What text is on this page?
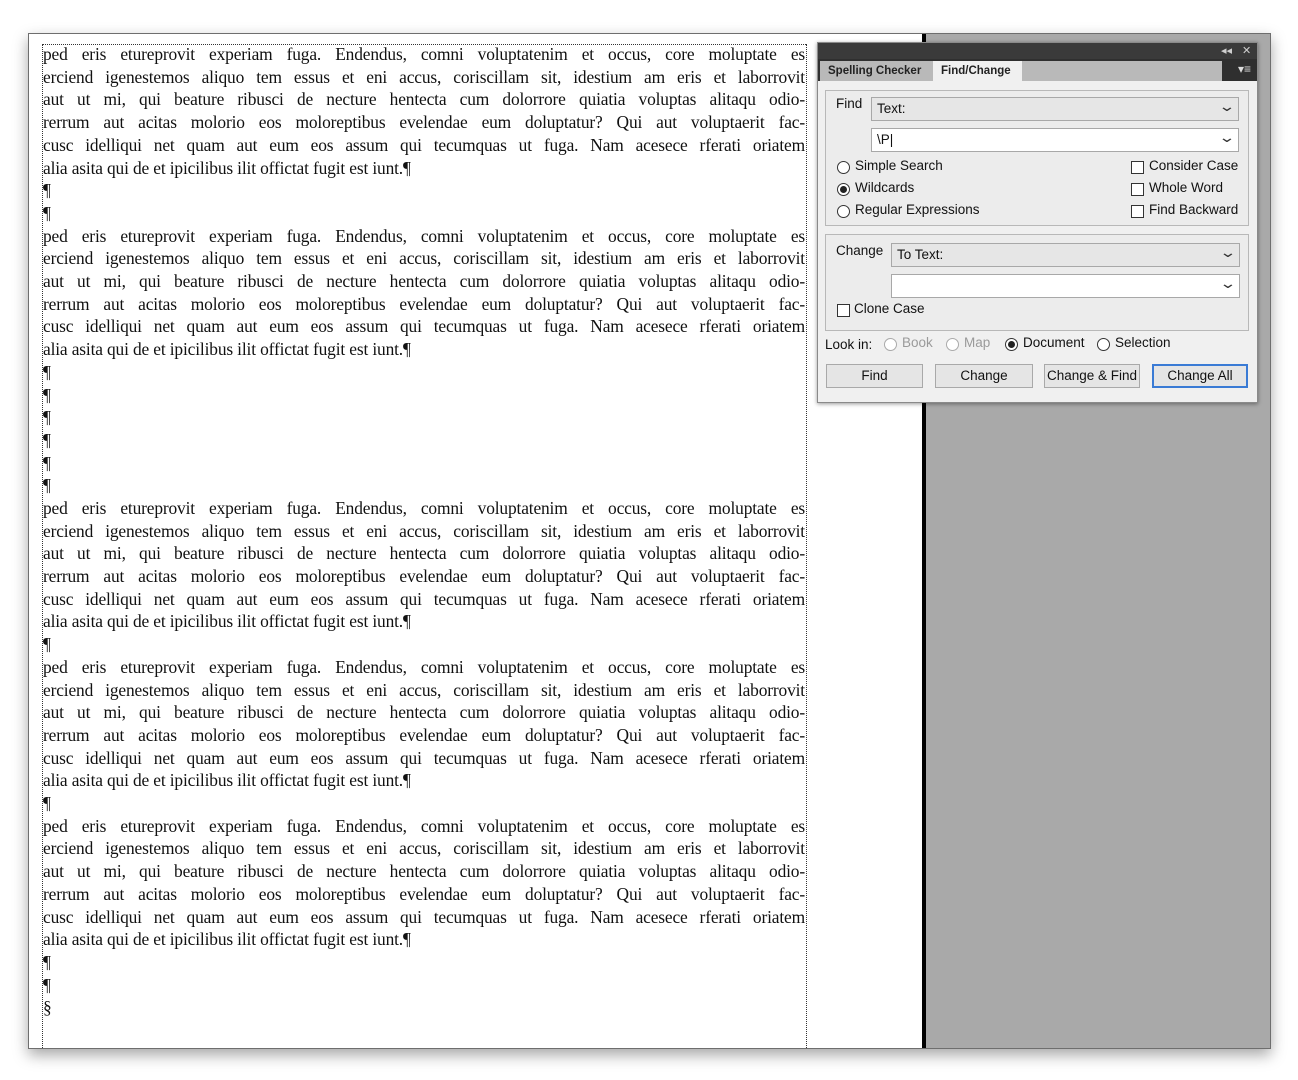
ped eris etureprovit experiam fuga. Endendus, comni voluptatenim et occus, core moluptate es
erciend igenestemos aliquo tem essus et eni accus, coriscillam sit, idestium am eris et laborrovit
aut ut mi, qui beature ribusci de necture hentecta cum dolorrore quiatia voluptas alitaqu odio-
rerrum aut acitas molorio eos moloreptibus evelendae eum doluptatur? Qui aut voluptaerit fac-
cusc idelliqui net quam aut eum eos assum qui tecumquas ut fuga. Nam acesece rferati oriatem
alia asita qui de et ipicilibus ilit offictat fugit est iunt.¶
¶
¶
ped eris etureprovit experiam fuga. Endendus, comni voluptatenim et occus, core moluptate es
erciend igenestemos aliquo tem essus et eni accus, coriscillam sit, idestium am eris et laborrovit
aut ut mi, qui beature ribusci de necture hentecta cum dolorrore quiatia voluptas alitaqu odio-
rerrum aut acitas molorio eos moloreptibus evelendae eum doluptatur? Qui aut voluptaerit fac-
cusc idelliqui net quam aut eum eos assum qui tecumquas ut fuga. Nam acesece rferati oriatem
alia asita qui de et ipicilibus ilit offictat fugit est iunt.¶
¶
¶
¶
¶
¶
¶
ped eris etureprovit experiam fuga. Endendus, comni voluptatenim et occus, core moluptate es
erciend igenestemos aliquo tem essus et eni accus, coriscillam sit, idestium am eris et laborrovit
aut ut mi, qui beature ribusci de necture hentecta cum dolorrore quiatia voluptas alitaqu odio-
rerrum aut acitas molorio eos moloreptibus evelendae eum doluptatur? Qui aut voluptaerit fac-
cusc idelliqui net quam aut eum eos assum qui tecumquas ut fuga. Nam acesece rferati oriatem
alia asita qui de et ipicilibus ilit offictat fugit est iunt.¶
¶
ped eris etureprovit experiam fuga. Endendus, comni voluptatenim et occus, core moluptate es
erciend igenestemos aliquo tem essus et eni accus, coriscillam sit, idestium am eris et laborrovit
aut ut mi, qui beature ribusci de necture hentecta cum dolorrore quiatia voluptas alitaqu odio-
rerrum aut acitas molorio eos moloreptibus evelendae eum doluptatur? Qui aut voluptaerit fac-
cusc idelliqui net quam aut eum eos assum qui tecumquas ut fuga. Nam acesece rferati oriatem
alia asita qui de et ipicilibus ilit offictat fugit est iunt.¶
¶
ped eris etureprovit experiam fuga. Endendus, comni voluptatenim et occus, core moluptate es
erciend igenestemos aliquo tem essus et eni accus, coriscillam sit, idestium am eris et laborrovit
aut ut mi, qui beature ribusci de necture hentecta cum dolorrore quiatia voluptas alitaqu odio-
rerrum aut acitas molorio eos moloreptibus evelendae eum doluptatur? Qui aut voluptaerit fac-
cusc idelliqui net quam aut eum eos assum qui tecumquas ut fuga. Nam acesece rferati oriatem
alia asita qui de et ipicilibus ilit offictat fugit est iunt.¶
¶
¶
§
◂◂ ✕
Spelling Checker	Find/Change	▾≡
Find Text:	⌄
\P|	⌄
Simple Search
Wildcards
Regular Expressions
Consider Case
Whole Word
Find Backward
Change To Text:	⌄
⌄
Clone Case
Look in: Book Map Document Selection
Find	Change	Change & Find	Change All
